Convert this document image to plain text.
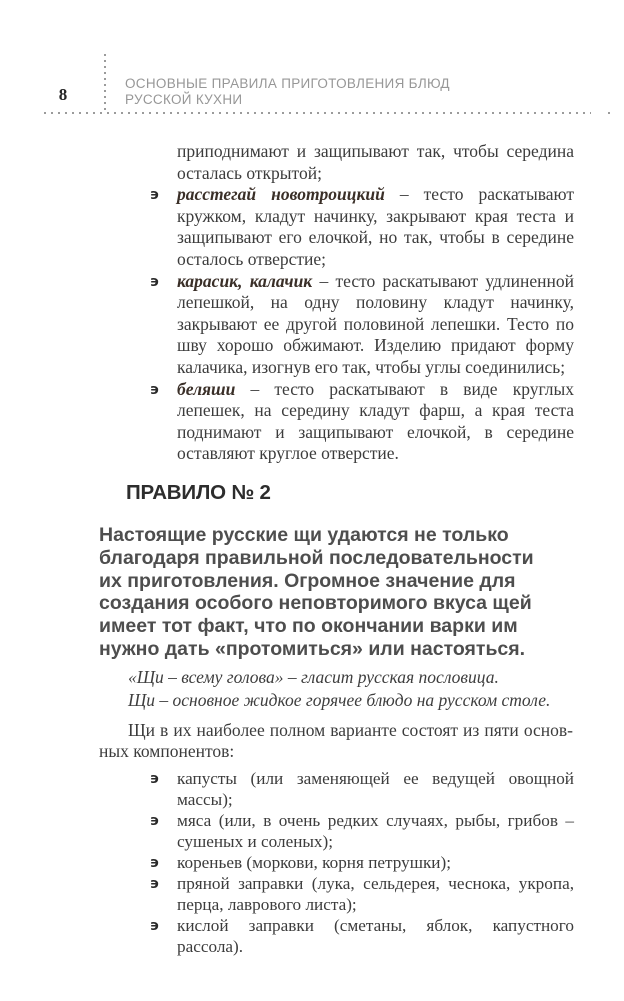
8
ОСНОВНЫЕ ПРАВИЛА ПРИГОТОВЛЕНИЯ БЛЮД
РУССКОЙ КУХНИ

приподнимают и защипывают так, чтобы середина осталась открытой;

϶ расстегай новотроицкий – тесто раскатывают кружком, кладут начинку, закрывают края теста и защипывают его елочкой, но так, чтобы в середине осталось отверстие;
϶ карасик, калачик – тесто раскатывают удлиненной лепешкой, на одну половину кладут начинку, закрывают ее другой половиной лепешки. Тесто по шву хорошо обжимают. Изделию придают форму калачика, изогнув его так, чтобы углы соединились;
϶ беляши – тесто раскатывают в виде круглых лепешек, на середину кладут фарш, а края теста поднимают и защипывают елочкой, в середине оставляют круглое отверстие.
ПРАВИЛО № 2

Настоящие русские щи удаются не только благодаря правильной последовательности их приготовления. Огромное значение для создания особого неповторимого вкуса щей имеет тот факт, что по окончании варки им нужно дать «протомиться» или настояться.

«Щи – всему голова» – гласит русская пословица.
Щи – основное жидкое горячее блюдо на русском столе.

Щи в их наиболее полном варианте состоят из пяти основных компонентов:

϶ капусты (или заменяющей ее ведущей овощной массы);
϶ мяса (или, в очень редких случаях, рыбы, грибов – сушеных и соленых);
϶ кореньев (моркови, корня петрушки);
϶ пряной заправки (лука, сельдерея, чеснока, укропа, перца, лаврового листа);
϶ кислой заправки (сметаны, яблок, капустного рассола).
